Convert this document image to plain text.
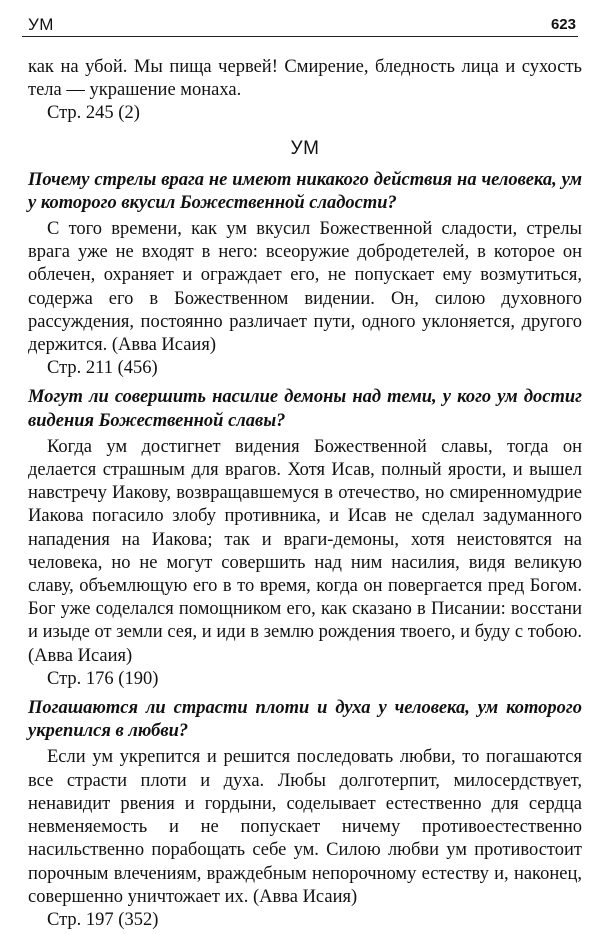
УМ	623

как на убой. Мы пища червей! Смирение, бледность лица и сухость тела — украшение монаха.

Стр. 245 (2)

УМ

Почему стрелы врага не имеют никакого действия на человека, ум у которого вкусил Божественной сладости?

С того времени, как ум вкусил Божественной сладости, стрелы врага уже не входят в него: всеоружие добродетелей, в которое он облечен, охраняет и ограждает его, не попускает ему возмутиться, содержа его в Божественном видении. Он, силою духовного рассуждения, постоянно различает пути, одного уклоняется, другого держится. (Авва Исаия)

Стр. 211 (456)

Могут ли совершить насилие демоны над теми, у кого ум достиг видения Божественной славы?

Когда ум достигнет видения Божественной славы, тогда он делается страшным для врагов. Хотя Исав, полный ярости, и вышел навстречу Иакову, возвращавшемуся в отечество, но смиренномудрие Иакова погасило злобу противника, и Исав не сделал задуманного нападения на Иакова; так и враги-демоны, хотя неистовятся на человека, но не могут совершить над ним насилия, видя великую славу, объемлющую его в то время, когда он повергается пред Богом. Бог уже соделался помощником его, как сказано в Писании: восстани и изыде от земли сея, и иди в землю рождения твоего, и буду с тобою. (Авва Исаия)

Стр. 176 (190)

Погашаются ли страсти плоти и духа у человека, ум которого укрепился в любви?

Если ум укрепится и решится последовать любви, то погашаются все страсти плоти и духа. Любы долготерпит, милосердствует, ненавидит рвения и гордыни, соделывает естественно для сердца невменяемость и не попускает ничему противоестественно насильственно порабощать себе ум. Силою любви ум противостоит порочным влечениям, враждебным непорочному естеству и, наконец, совершенно уничтожает их. (Авва Исаия)

Стр. 197 (352)
